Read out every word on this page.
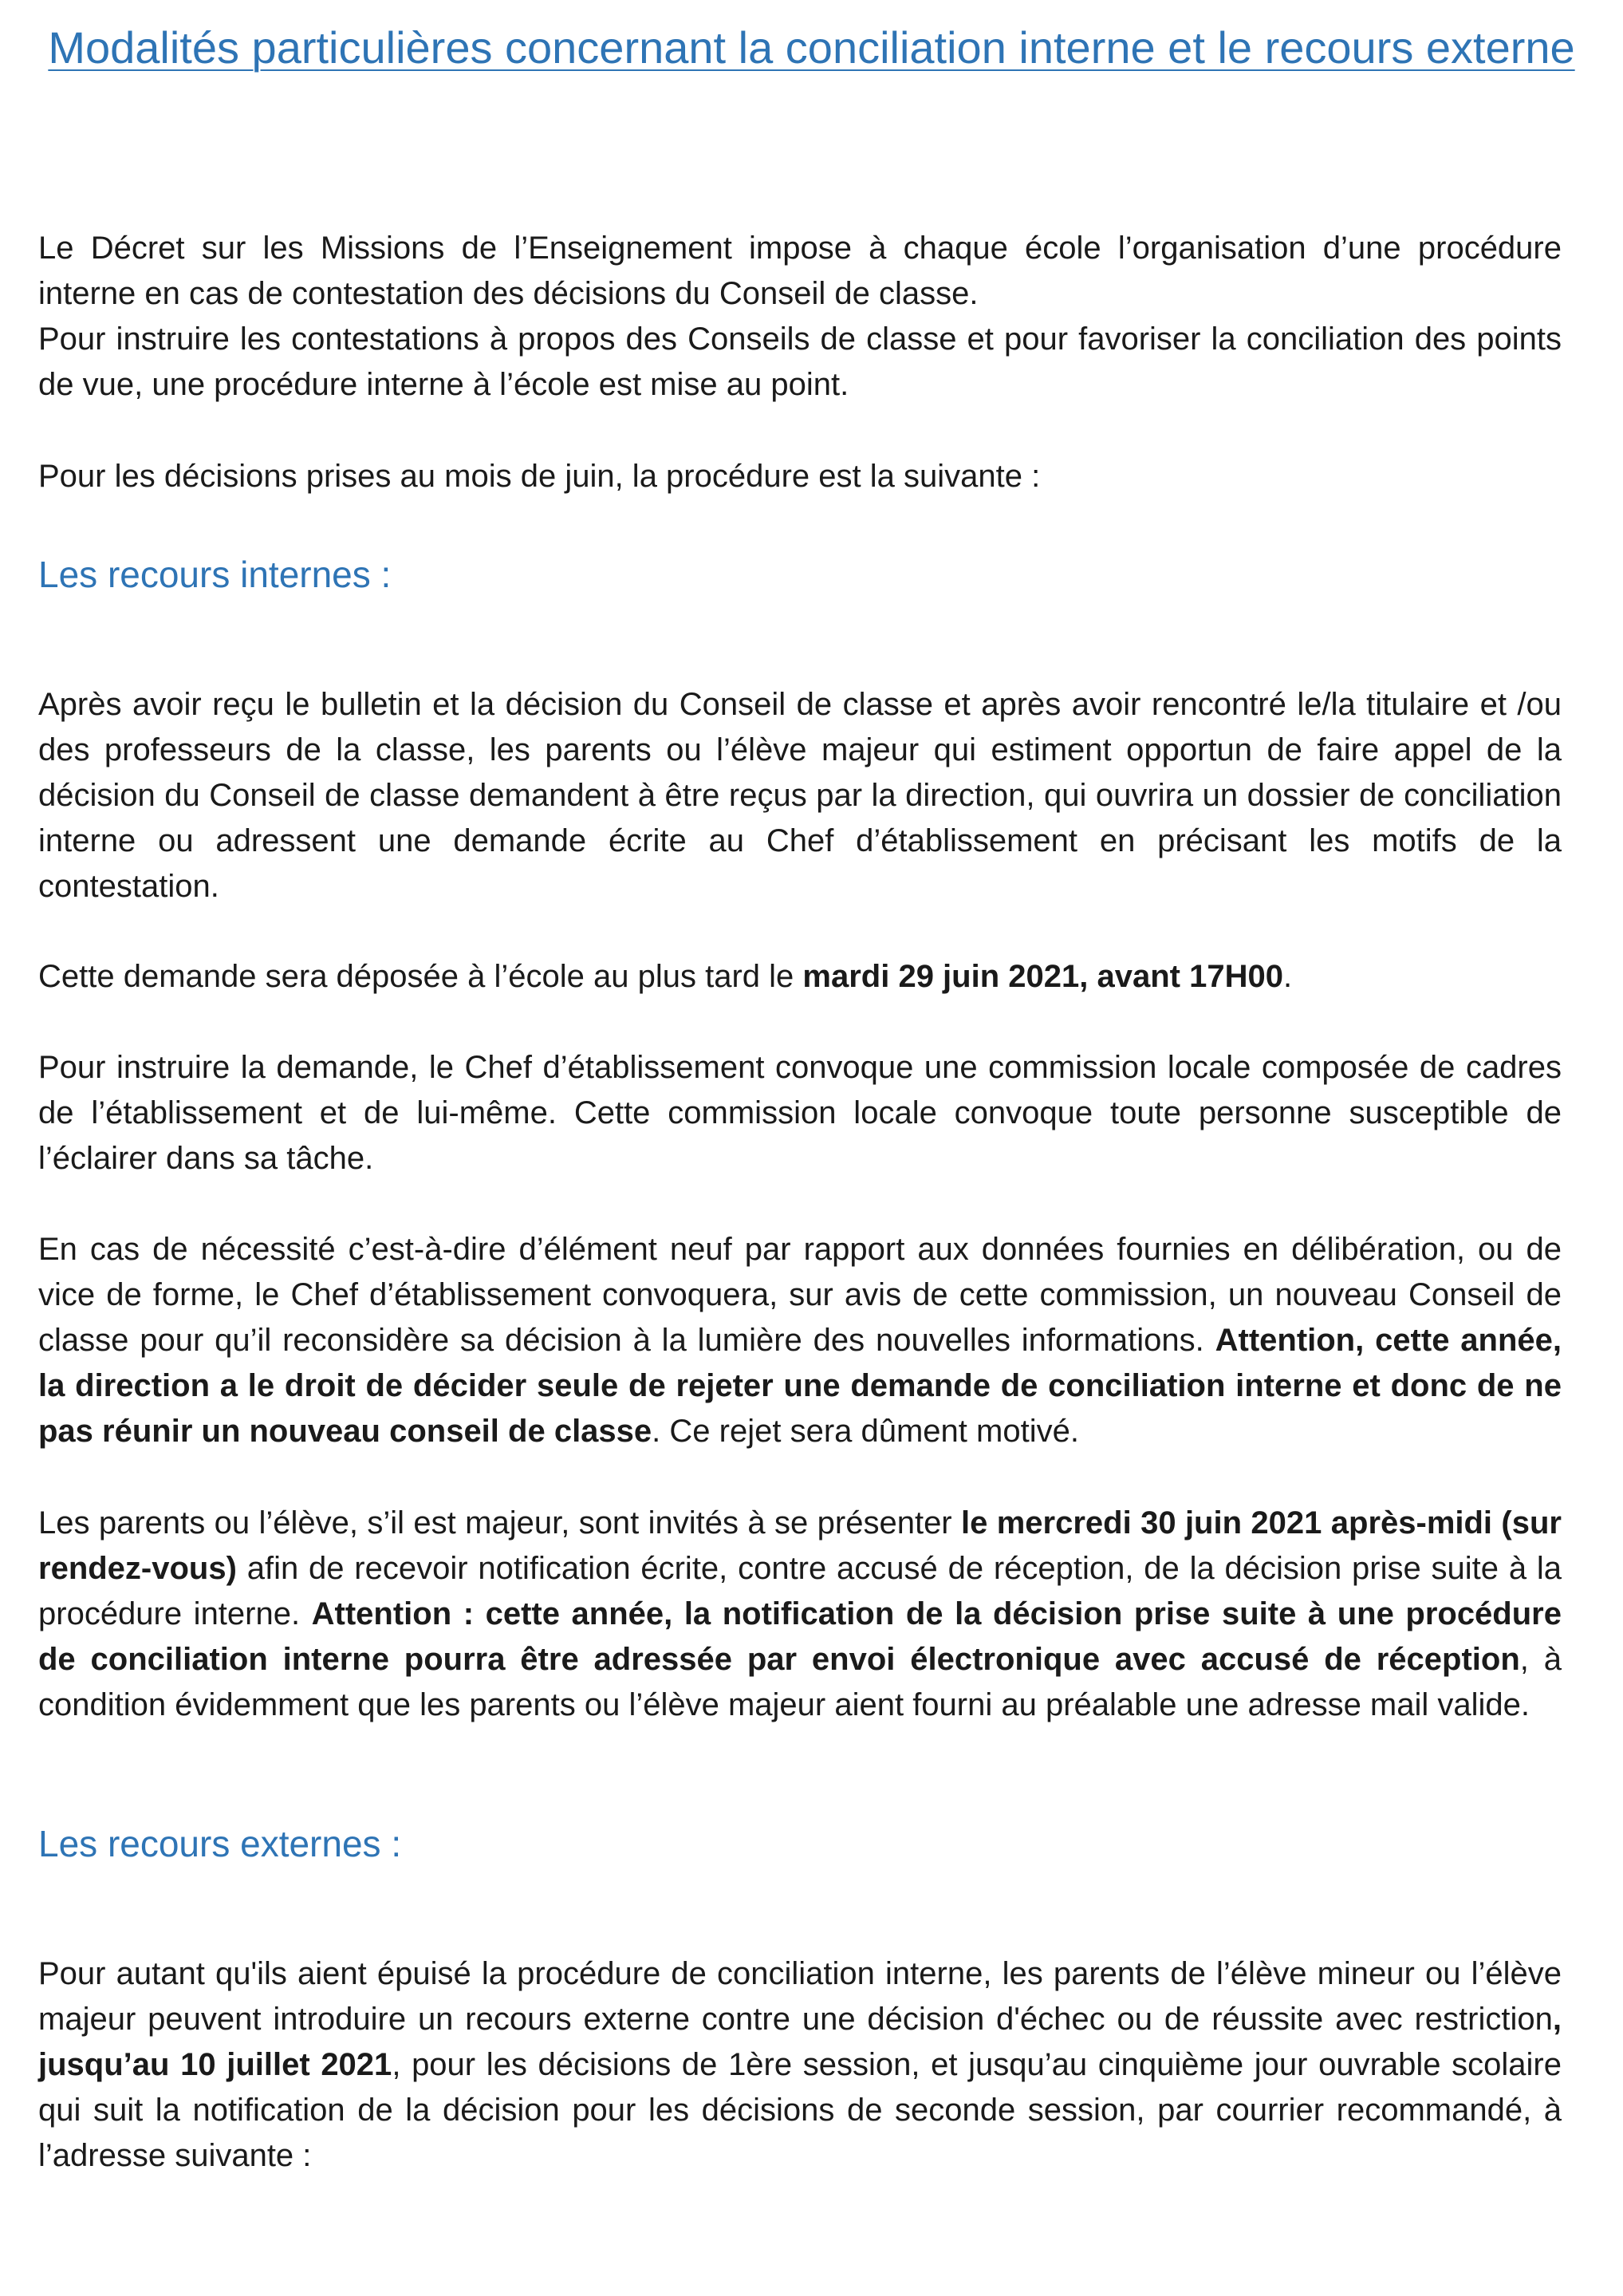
Modalités particulières concernant la conciliation interne et le recours externe

Le Décret sur les Missions de l’Enseignement impose à chaque école l’organisation d’une procédure interne en cas de contestation des décisions du Conseil de classe.
Pour instruire les contestations à propos des Conseils de classe et pour favoriser la conciliation des points de vue, une procédure interne à l’école est mise au point.

Pour les décisions prises au mois de juin, la procédure est la suivante :

Les recours internes :

Après avoir reçu le bulletin et la décision du Conseil de classe et après avoir rencontré le/la titulaire et /ou des professeurs de la classe, les parents ou l’élève majeur qui estiment opportun de faire appel de la décision du Conseil de classe demandent à être reçus par la direction, qui ouvrira un dossier de conciliation interne ou adressent une demande écrite au Chef d’établissement en précisant les motifs de la contestation.

Cette demande sera déposée à l’école au plus tard le mardi 29 juin 2021, avant 17H00.

Pour instruire la demande, le Chef d’établissement convoque une commission locale composée de cadres de l’établissement et de lui-même. Cette commission locale convoque toute personne susceptible de l’éclairer dans sa tâche.

En cas de nécessité c’est-à-dire d’élément neuf par rapport aux données fournies en délibération, ou de vice de forme, le Chef d’établissement convoquera, sur avis de cette commission, un nouveau Conseil de classe pour qu’il reconsidère sa décision à la lumière des nouvelles informations. Attention, cette année, la direction a le droit de décider seule de rejeter une demande de conciliation interne et donc de ne pas réunir un nouveau conseil de classe. Ce rejet sera dûment motivé.

Les parents ou l’élève, s’il est majeur, sont invités à se présenter le mercredi 30 juin 2021 après-midi (sur rendez-vous) afin de recevoir notification écrite, contre accusé de réception, de la décision prise suite à la procédure interne. Attention : cette année, la notification de la décision prise suite à une procédure de conciliation interne pourra être adressée par envoi électronique avec accusé de réception, à condition évidemment que les parents ou l’élève majeur aient fourni au préalable une adresse mail valide.

Les recours externes :

Pour autant qu'ils aient épuisé la procédure de conciliation interne, les parents de l’élève mineur ou l’élève majeur peuvent introduire un recours externe contre une décision d'échec ou de réussite avec restriction, jusqu’au 10 juillet 2021, pour les décisions de 1ère session, et jusqu’au cinquième jour ouvrable scolaire qui suit la notification de la décision pour les décisions de seconde session, par courrier recommandé, à l’adresse suivante :
